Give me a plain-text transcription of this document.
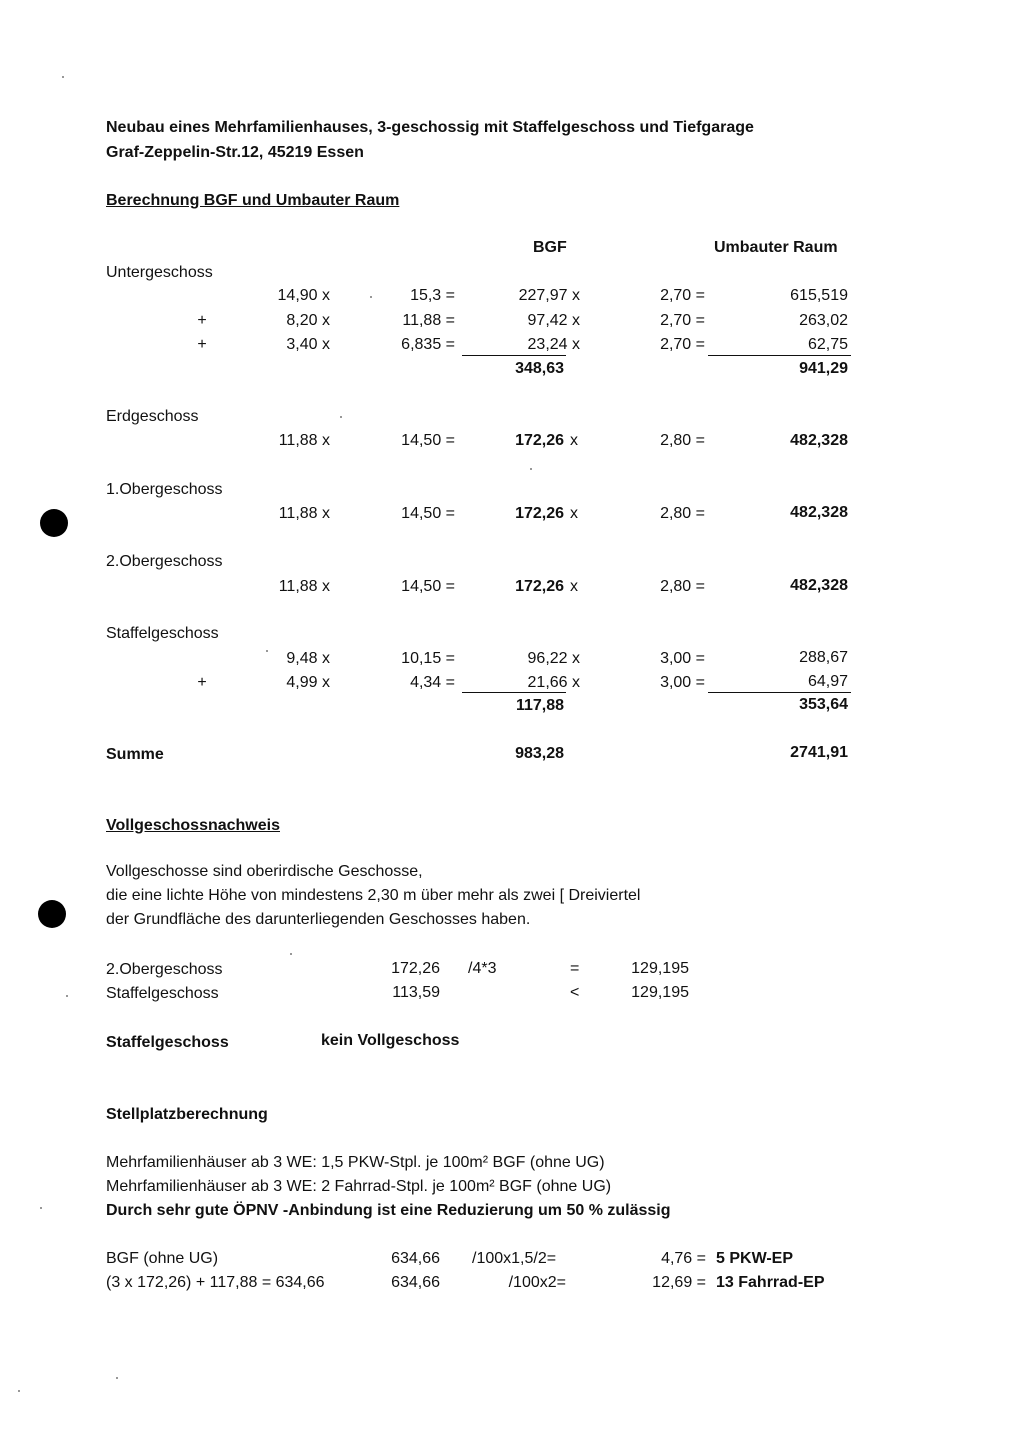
Neubau eines Mehrfamilienhauses, 3-geschossig mit Staffelgeschoss und Tiefgarage
Graf-Zeppelin-Str.12, 45219 Essen
Berechnung BGF und Umbauter Raum
BGF	Umbauter Raum
Untergeschoss
14,90 x	15,3 =	227,97 x	2,70 =	615,519
+	8,20 x	11,88 =	97,42 x	2,70 =	263,02
+	3,40 x	6,835 =	23,24 x	2,70 =	62,75
348,63	941,29
Erdgeschoss
11,88 x	14,50 =	172,26 x	2,80 =	482,328
1.Obergeschoss
11,88 x	14,50 =	172,26 x	2,80 =	482,328
2.Obergeschoss
11,88 x	14,50 =	172,26 x	2,80 =	482,328
Staffelgeschoss
9,48 x	10,15 =	96,22 x	3,00 =	288,67
+	4,99 x	4,34 =	21,66 x	3,00 =	64,97
117,88	353,64
Summe	983,28	2741,91
Vollgeschossnachweis
Vollgeschosse sind oberirdische Geschosse,
die eine lichte Höhe von mindestens 2,30 m über mehr als zwei [ Dreiviertel
der Grundfläche des darunterliegenden Geschosses haben.
2.Obergeschoss	172,26 /4*3	=	129,195
Staffelgeschoss	113,59	<	129,195
Staffelgeschoss	kein Vollgeschoss
Stellplatzberechnung
Mehrfamilienhäuser ab 3 WE: 1,5 PKW-Stpl. je 100m² BGF (ohne UG)
Mehrfamilienhäuser ab 3 WE: 2 Fahrrad-Stpl. je 100m² BGF (ohne UG)
Durch sehr gute ÖPNV -Anbindung ist eine Reduzierung um 50 % zulässig
BGF (ohne UG)	634,66 /100x1,5/2=	4,76 = 5 PKW-EP
(3 x 172,26) + 117,88 = 634,66	634,66	/100x2=	12,69 = 13 Fahrrad-EP
